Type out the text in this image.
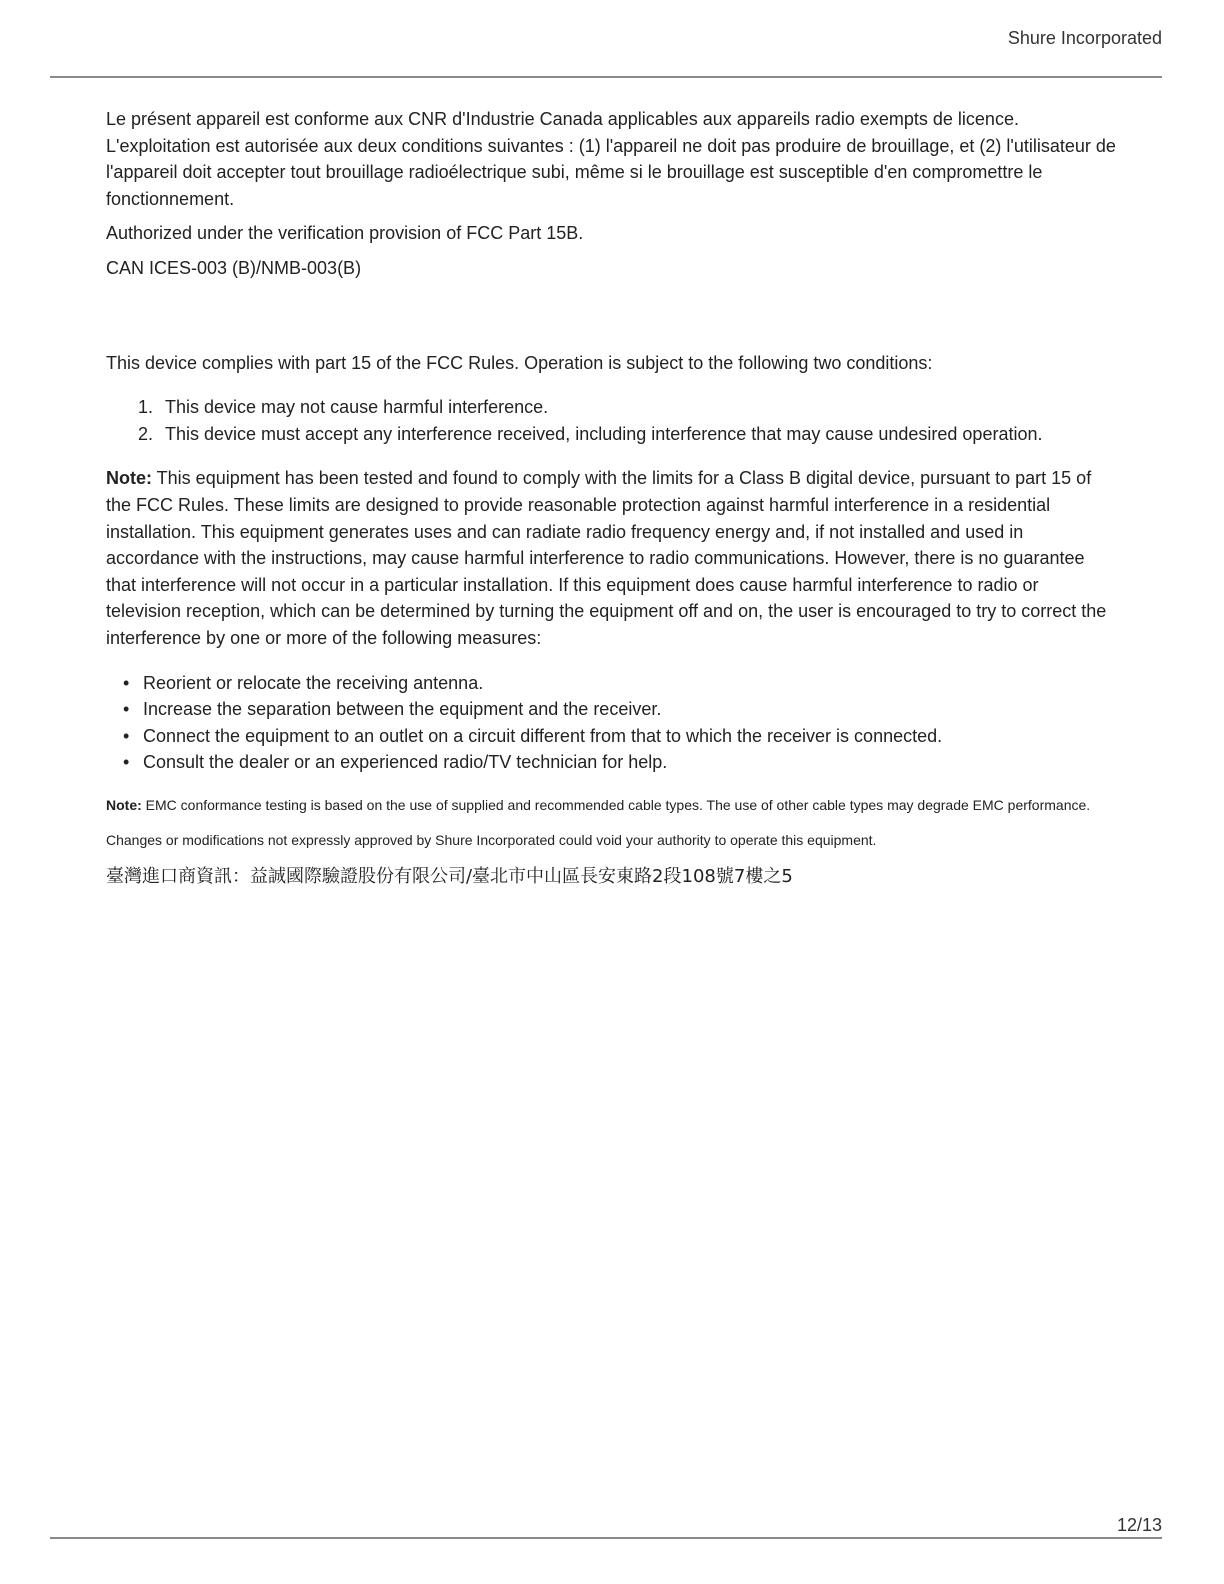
Shure Incorporated

Le présent appareil est conforme aux CNR d'Industrie Canada applicables aux appareils radio exempts de licence. L'exploitation est autorisée aux deux conditions suivantes : (1) l'appareil ne doit pas produire de brouillage, et (2) l'utilisateur de l'appareil doit accepter tout brouillage radioélectrique subi, même si le brouillage est susceptible d'en compromettre le fonctionnement.

Authorized under the verification provision of FCC Part 15B.

CAN ICES-003 (B)/NMB-003(B)

This device complies with part 15 of the FCC Rules. Operation is subject to the following two conditions:

1. This device may not cause harmful interference.
2. This device must accept any interference received, including interference that may cause undesired operation.

Note: This equipment has been tested and found to comply with the limits for a Class B digital device, pursuant to part 15 of the FCC Rules. These limits are designed to provide reasonable protection against harmful interference in a residential installation. This equipment generates uses and can radiate radio frequency energy and, if not installed and used in accordance with the instructions, may cause harmful interference to radio communications. However, there is no guarantee that interference will not occur in a particular installation. If this equipment does cause harmful interference to radio or television reception, which can be determined by turning the equipment off and on, the user is encouraged to try to correct the interference by one or more of the following measures:

• Reorient or relocate the receiving antenna.
• Increase the separation between the equipment and the receiver.
• Connect the equipment to an outlet on a circuit different from that to which the receiver is connected.
• Consult the dealer or an experienced radio/TV technician for help.

Note: EMC conformance testing is based on the use of supplied and recommended cable types. The use of other cable types may degrade EMC performance.

Changes or modifications not expressly approved by Shure Incorporated could void your authority to operate this equipment.

臺灣進口商資訊：益誠國際驗證股份有限公司/臺北市中山區長安東路2段108號7樓之5

12/13
